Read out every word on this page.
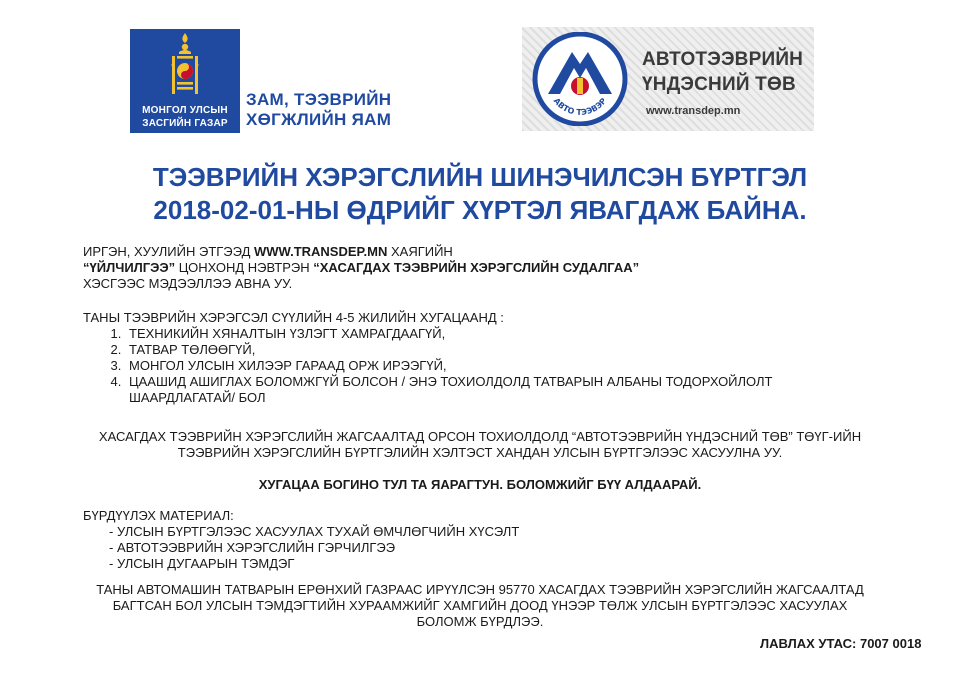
МОНГОЛ УЛСЫН
ЗАСГИЙН ГАЗАР
ЗАМ, ТЭЭВРИЙН
ХӨГЖЛИЙН ЯАМ
АВТО ТЭЭВЭР
АВТОТЭЭВРИЙН
ҮНДЭСНИЙ ТӨВ
www.transdep.mn
ТЭЭВРИЙН ХЭРЭГСЛИЙН ШИНЭЧИЛСЭН БҮРТГЭЛ
2018-02-01-НЫ ӨДРИЙГ ХҮРТЭЛ ЯВАГДАЖ БАЙНА.
ИРГЭН, ХУУЛИЙН ЭТГЭЭД WWW.TRANSDEP.MN ХАЯГИЙН
“ҮЙЛЧИЛГЭЭ” ЦОНХОНД НЭВТРЭН “ХАСАГДАХ ТЭЭВРИЙН ХЭРЭГСЛИЙН СУДАЛГАА”
ХЭСГЭЭС МЭДЭЭЛЛЭЭ АВНА УУ.
ТАНЫ ТЭЭВРИЙН ХЭРЭГСЭЛ СҮҮЛИЙН 4-5 ЖИЛИЙН ХУГАЦААНД :
1. ТЕХНИКИЙН ХЯНАЛТЫН ҮЗЛЭГТ ХАМРАГДААГҮЙ,
2. ТАТВАР ТӨЛӨӨГҮЙ,
3. МОНГОЛ УЛСЫН ХИЛЭЭР ГАРААД ОРЖ ИРЭЭГҮЙ,
4. ЦААШИД АШИГЛАХ БОЛОМЖГҮЙ БОЛСОН / ЭНЭ ТОХИОЛДОЛД ТАТВАРЫН АЛБАНЫ ТОДОРХОЙЛОЛТ
ШААРДЛАГАТАЙ/ БОЛ
ХАСАГДАХ ТЭЭВРИЙН ХЭРЭГСЛИЙН ЖАГСААЛТАД ОРСОН ТОХИОЛДОЛД “АВТОТЭЭВРИЙН ҮНДЭСНИЙ ТӨВ” ТӨҮГ-ИЙН
ТЭЭВРИЙН ХЭРЭГСЛИЙН БҮРТГЭЛИЙН ХЭЛТЭСТ ХАНДАН УЛСЫН БҮРТГЭЛЭЭС ХАСУУЛНА УУ.
ХУГАЦАА БОГИНО ТУЛ ТА ЯАРАГТУН. БОЛОМЖИЙГ БҮҮ АЛДААРАЙ.
БҮРДҮҮЛЭХ МАТЕРИАЛ:
- УЛСЫН БҮРТГЭЛЭЭС ХАСУУЛАХ ТУХАЙ ӨМЧЛӨГЧИЙН ХҮСЭЛТ
- АВТОТЭЭВРИЙН ХЭРЭГСЛИЙН ГЭРЧИЛГЭЭ
- УЛСЫН ДУГААРЫН ТЭМДЭГ
ТАНЫ АВТОМАШИН ТАТВАРЫН ЕРӨНХИЙ ГАЗРААС ИРҮҮЛСЭН 95770 ХАСАГДАХ ТЭЭВРИЙН ХЭРЭГСЛИЙН ЖАГСААЛТАД
БАГТСАН БОЛ УЛСЫН ТЭМДЭГТИЙН ХУРААМЖИЙГ ХАМГИЙН ДООД ҮНЭЭР ТӨЛЖ УЛСЫН БҮРТГЭЛЭЭС ХАСУУЛАХ
БОЛОМЖ БҮРДЛЭЭ.
ЛАВЛАХ УТАС: 7007 0018
